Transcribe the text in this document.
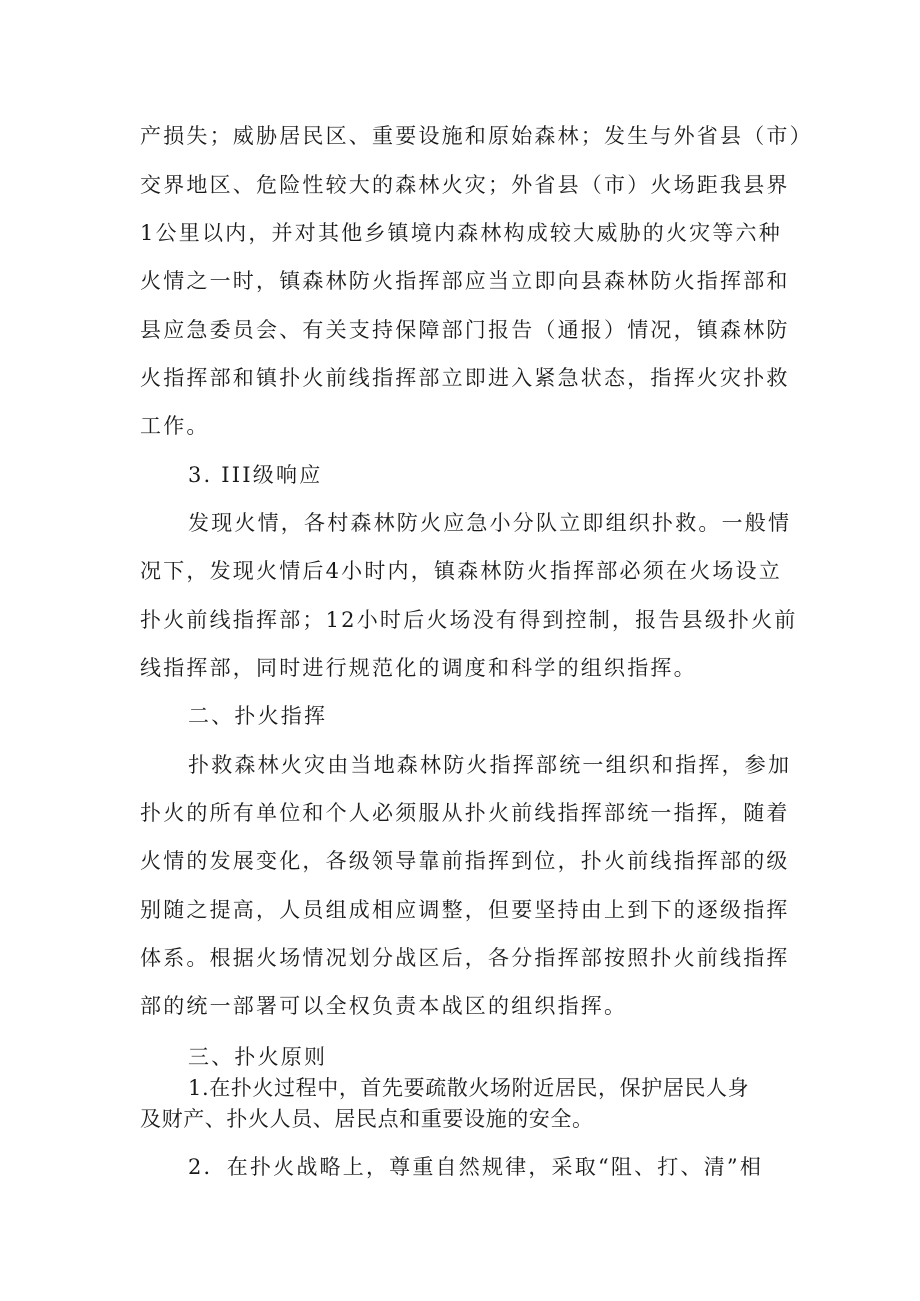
产损失；威胁居民区、重要设施和原始森林；发生与外省县（市）
交界地区、危险性较大的森林火灾；外省县（市）火场距我县界
1公里以内，并对其他乡镇境内森林构成较大威胁的火灾等六种
火情之一时，镇森林防火指挥部应当立即向县森林防火指挥部和
县应急委员会、有关支持保障部门报告（通报）情况，镇森林防
火指挥部和镇扑火前线指挥部立即进入紧急状态，指挥火灾扑救
工作。
3. III级响应
发现火情，各村森林防火应急小分队立即组织扑救。一般情
况下，发现火情后4小时内，镇森林防火指挥部必须在火场设立
扑火前线指挥部；12小时后火场没有得到控制，报告县级扑火前
线指挥部，同时进行规范化的调度和科学的组织指挥。
二、扑火指挥
扑救森林火灾由当地森林防火指挥部统一组织和指挥，参加
扑火的所有单位和个人必须服从扑火前线指挥部统一指挥，随着
火情的发展变化，各级领导靠前指挥到位，扑火前线指挥部的级
别随之提高，人员组成相应调整，但要坚持由上到下的逐级指挥
体系。根据火场情况划分战区后，各分指挥部按照扑火前线指挥
部的统一部署可以全权负责本战区的组织指挥。
三、扑火原则
1.在扑火过程中，首先要疏散火场附近居民，保护居民人身
及财产、扑火人员、居民点和重要设施的安全。
2．在扑火战略上，尊重自然规律，采取“阻、打、清”相
